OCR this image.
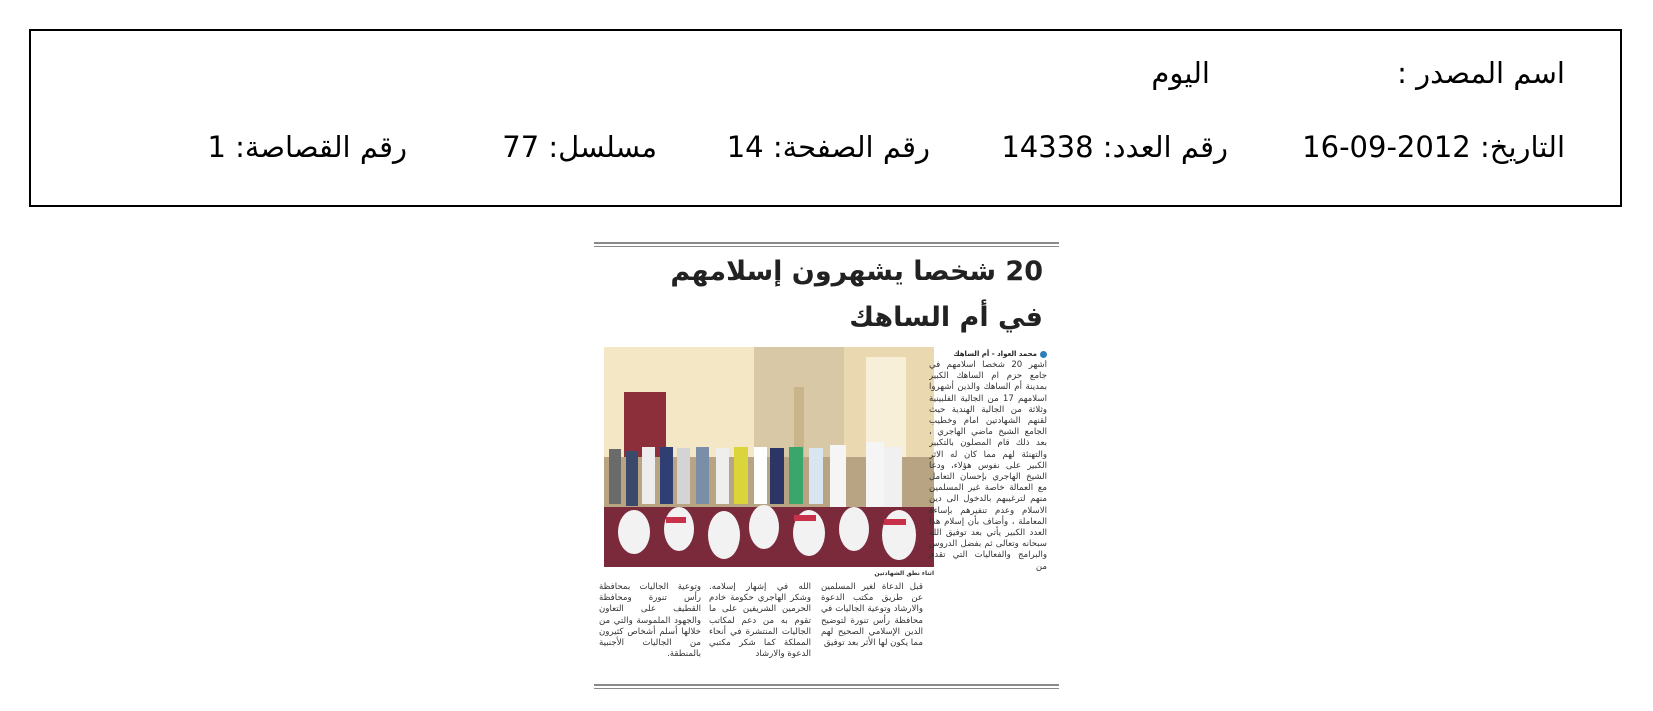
اسم المصدر :
اليوم
التاريخ: 2012-09-16
رقم العدد: 14338
رقم الصفحة: 14
مسلسل: 77
رقم القصاصة: 1
20 شخصا يشهرون إسلامهم
في أم الساهك
اثناء نطق الشهادتين
محمد العواد - أم الساهك
أشهر 20 شخصا اسلامهم في جامع حزم ام الساهك الكبير بمدينة أم الساهك والذين أشهروا اسلامهم 17 من الجالية الفلبينية وثلاثة من الجالية الهندية حيث لقنهم الشهادتين امام وخطيب الجامع الشيخ ماضي الهاجري ، بعد ذلك قام المصلون بالتكبير والتهنئة لهم مما كان له الاثر الكبير على نفوس هؤلاء، ودعا الشيخ الهاجري بإحسان التعامل مع العمالة خاصة غير المسلمين منهم لترغيبهم بالدخول الى دين الاسلام وعدم تنفيرهم بإساءة المعاملة ، وأضاف بأن إسلام هذا العدد الكبير يأتي بعد توفيق الله سبحانه وتعالى ثم بفضل الدروس والبرامج والفعاليات التي تقدم من
قبل الدعاة لغير المسلمين عن طريق مكتب الدعوة والارشاد وتوعية الجاليات في محافظة رأس تنورة لتوضيح الدين الإسلامي الصحيح لهم مما يكون لها الأثر بعد توفيق
الله في إشهار إسلامه. وشكر الهاجري حكومة خادم الحرمين الشريفين على ما تقوم به من دعم لمكاتب الجاليات المنتشرة في أنحاء المملكة كما شكر مكتبي الدعوة والارشاد
وتوعية الجاليات بمحافظة رأس تنورة ومحافظة القطيف على التعاون والجهود الملموسة والتي من خلالها أسلم أشخاص كثيرون من الجاليات الأجنبية بالمنطقة.
